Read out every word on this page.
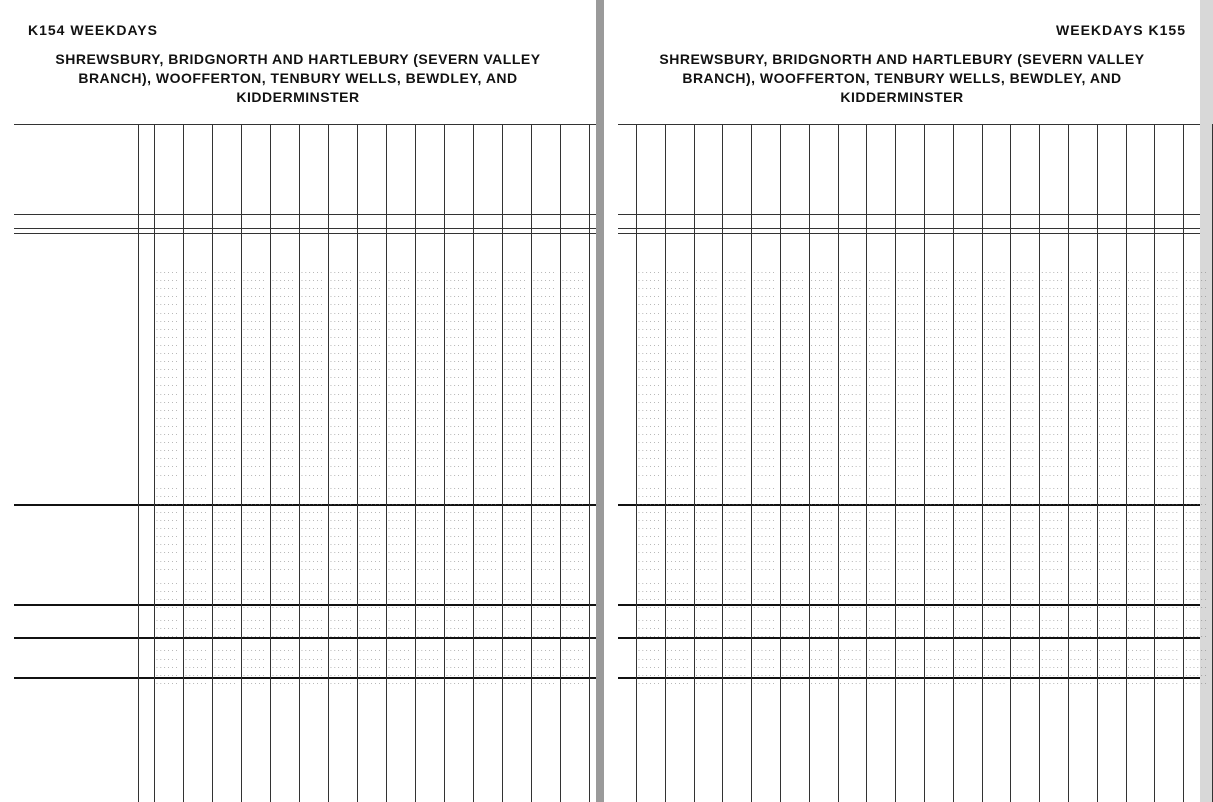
K154 WEEKDAYS
SHREWSBURY, BRIDGNORTH AND HARTLEBURY (SEVERN VALLEY
BRANCH), WOOFFERTON, TENBURY WELLS, BEWDLEY, AND
KIDDERMINSTER
. . . . . .
. . . . . .
. . . . . .
. . . . . .
. . . . . .
. . . . . .
. . . . . .
. . . . . .
. . . . . .
. . . . . .
. . . . . .
. . . . . .
. . . . . .
. . . . . .
. . . . . .
. . . . . .
. . . . . .
. . . . . .
. . . . . .
. . . . . .
. . . . . .
. . . . . .
. . . . . .
. . . . . .
. . . . . .
. . . . . .
. . . . . .
. . . . . .
. . . . . .
. . . . . .
. . . . . .
. . . . . .
. . . . . .
. . . . . .
. . . . . .
. . . . . .
. . . . . .
. . . . . .
. . . . . .
. . . . . .
. . . . . .
. . . . . .
. . . . . .
. . . . . .
. . . . . .
. . . . . .
. . . . . .
. . . . . .
. . . . . .
. . . . . .
. . . . . .
. . . . . .
. . . . . .
. . . . . .
. . . . . .
. . . . . .
. . . . . .
. . . . . .
. . . . . .
. . . . . .
. . . . . .
. . . . . .
. . . . . .
. . . . . .
. . . . . .
. . . . . .
. . . . . .
. . . . . .
. . . . . .
. . . . . .
. . . . . .
. . . . . .
. . . . . .
. . . . . .
. . . . . .
. . . . . .
. . . . . .
. . . . . .
. . . . . .
. . . . . .
. . . . . .
. . . . . .
. . . . . .
. . . . . .
. . . . . .
. . . . . .
. . . . . .
. . . . . .
. . . . . .
. . . . . .
. . . . . .
. . . . . .
. . . . . .
. . . . . .
. . . . . .
. . . . . .
. . . . . .
. . . . . .
. . . . . .
. . . . . .
. . . . . .
. . . . . .
. . . . . .
. . . . . .
. . . . . .
. . . . . .
. . . . . .
. . . . . .
. . . . . .
. . . . . .
. . . . . .
. . . . . .
. . . . . .
. . . . . .
. . . . . .
. . . . . .
. . . . . .
. . . . . .
. . . . . .
. . . . . .
. . . . . .
. . . . . .
. . . . . .
. . . . . .
. . . . . .
. . . . . .
. . . . . .
. . . . . .
. . . . . .
. . . . . .
. . . . . .
. . . . . .
. . . . . .
. . . . . .
. . . . . .
. . . . . .
. . . . . .
. . . . . .
. . . . . .
. . . . . .
. . . . . .
. . . . . .
. . . . . .
. . . . . .
. . . . . .
. . . . . .
. . . . . .
. . . . . .
. . . . . .
. . . . . .
. . . . . .
. . . . . .
. . . . . .
. . . . . .
. . . . . .
. . . . . .
. . . . . .
. . . . . .
. . . . . .
. . . . . .
. . . . . .
. . . . . .
. . . . . .
. . . . . .
. . . . . .
. . . . . .
. . . . . .
. . . . . .
. . . . . .
. . . . . .
. . . . . .
. . . . . .
. . . . . .
. . . . . .
. . . . . .
. . . . . .
. . . . . .
. . . . . .
. . . . . .
. . . . . .
. . . . . .
. . . . . .
. . . . . .
. . . . . .
. . . . . .
. . . . . .
. . . . . .
. . . . . .
. . . . . .
. . . . . .
. . . . . .
. . . . . .
. . . . . .
. . . . . .
. . . . . .
. . . . . .
. . . . . .
. . . . . .
. . . . . .
. . . . . .
. . . . . .
. . . . . .
. . . . . .
. . . . . .
. . . . . .
. . . . . .
. . . . . .
. . . . . .
. . . . . .
. . . . . .
. . . . . .
. . . . . .
. . . . . .
. . . . . .
. . . . . .
. . . . . .
. . . . . .
. . . . . .
. . . . . .
. . . . . .
. . . . . .
. . . . . .
. . . . . .
. . . . . .
. . . . . .
. . . . . .
. . . . . .
. . . . . .
. . . . . .
. . . . . .
. . . . . .
. . . . . .
. . . . . .
. . . . . .
. . . . . .
. . . . . .
. . . . . .
. . . . . .
. . . . . .
. . . . . .
. . . . . .
. . . . . .
. . . . . .
. . . . . .
. . . . . .
. . . . . .
. . . . . .
. . . . . .
. . . . . .
. . . . . .
. . . . . .
. . . . . .
. . . . . .
. . . . . .
. . . . . .
. . . . . .
. . . . . .
. . . . . .
. . . . . .
. . . . . .
. . . . . .
. . . . . .
. . . . . .
. . . . . .
. . . . . .
. . . . . .
. . . . . .
. . . . . .
. . . . . .
. . . . . .
. . . . . .
. . . . . .
. . . . . .
. . . . . .
. . . . . .
. . . . . .
. . . . . .
. . . . . .
. . . . . .
. . . . . .
. . . . . .
. . . . . .
. . . . . .
. . . . . .
. . . . . .
. . . . . .
. . . . . .
. . . . . .
. . . . . .
. . . . . .
. . . . . .
. . . . . .
. . . . . .
. . . . . .
. . . . . .
. . . . . .
. . . . . .
. . . . . .
. . . . . .
. . . . . .
. . . . . .
. . . . . .
. . . . . .
. . . . . .
. . . . . .
. . . . . .
. . . . . .
. . . . . .
. . . . . .
. . . . . .
. . . . . .
. . . . . .
. . . . . .
. . . . . .
. . . . . .
. . . . . .
. . . . . .
. . . . . .
. . . . . .
. . . . . .
. . . . . .
. . . . . .
. . . . . .
. . . . . .
. . . . . .
. . . . . .
. . . . . .
. . . . . .
. . . . . .
. . . . . .
. . . . . .
. . . . . .
. . . . . .
. . . . . .
. . . . . .
. . . . . .
. . . . . .
. . . . . .
. . . . . .
. . . . . .
. . . . . .
. . . . . .
. . . . . .
. . . . . .
. . . . . .
. . . . . .
. . . . . .
. . . . . .
. . . . . .
. . . . . .
. . . . . .
. . . . . .
. . . . . .
. . . . . .
. . . . . .
. . . . . .
. . . . . .
. . . . . .
. . . . . .
. . . . . .
. . . . . .
. . . . . .
. . . . . .
. . . . . .
. . . . . .
. . . . . .
. . . . . .
. . . . . .
. . . . . .
. . . . . .
. . . . . .
. . . . . .
. . . . . .
. . . . . .
. . . . . .
. . . . . .
. . . . . .
. . . . . .
. . . . . .
. . . . . .
. . . . . .
. . . . . .
. . . . . .
. . . . . .
. . . . . .
. . . . . .
. . . . . .
. . . . . .
. . . . . .
. . . . . .
. . . . . .
. . . . . .
. . . . . .
. . . . . .
. . . . . .
. . . . . .
. . . . . .
. . . . . .
. . . . . .
. . . . . .
. . . . . .
. . . . . .
. . . . . .
. . . . . .
. . . . . .
. . . . . .
. . . . . .
. . . . . .
. . . . . .
. . . . . .
. . . . . .
. . . . . .
. . . . . .
. . . . . .
. . . . . .
. . . . . .
. . . . . .
. . . . . .
. . . . . .
. . . . . .
. . . . . .
. . . . . .
. . . . . .
. . . . . .
. . . . . .
. . . . . .
. . . . . .
. . . . . .
. . . . . .
. . . . . .
. . . . . .
. . . . . .
. . . . . .
. . . . . .
. . . . . .
. . . . . .
. . . . . .
. . . . . .
. . . . . .
. . . . . .
. . . . . .
. . . . . .
. . . . . .
. . . . . .
. . . . . .
. . . . . .
. . . . . .
. . . . . .
. . . . . .
. . . . . .
. . . . . .
. . . . . .
. . . . . .
. . . . . .
. . . . . .
. . . . . .
. . . . . .
. . . . . .
. . . . . .
. . . . . .
. . . . . .
. . . . . .
. . . . . .
. . . . . .
. . . . . .
. . . . . .
. . . . . .
. . . . . .
. . . . . .
. . . . . .
. . . . . .
. . . . . .
. . . . . .
. . . . . .
. . . . . .
. . . . . .
. . . . . .
. . . . . .
. . . . . .
. . . . . .
. . . . . .
. . . . . .
. . . . . .
. . . . . .
. . . . . .
. . . . . .
. . . . . .
. . . . . .
. . . . . .
. . . . . .
. . . . . .
. . . . . .
. . . . . .
. . . . . .
. . . . . .
. . . . . .
. . . . . .
. . . . . .
. . . . . .
. . . . . .
. . . . . .
. . . . . .
. . . . . .
. . . . . .
. . . . . .
. . . . . .
. . . . . .
. . . . . .
. . . . . .
. . . . . .
. . . . . .
. . . . . .
. . . . . .
. . . . . .
. . . . . .
. . . . . .
. . . . . .
. . . . . .
. . . . . .
. . . . . .
. . . . . .
. . . . . .
. . . . . .
. . . . . .
. . . . . .
. . . . . .
. . . . . .
. . . . . .
. . . . . .
. . . . . .
. . . . . .
. . . . . .
. . . . . .
. . . . . .
. . . . . .
. . . . . .
. . . . . .
. . . . . .
. . . . . .
. . . . . .
. . . . . .
. . . . . .
. . . . . .
. . . . . .
. . . . . .
. . . . . .
. . . . . .
. . . . . .
. . . . . .
. . . . . .
. . . . . .
. . . . . .
. . . . . .
. . . . . .
. . . . . .
. . . . . .
. . . . . .
. . . . . .
. . . . . .
. . . . . .
. . . . . .
. . . . . .
. . . . . .
. . . . . .
. . . . . .
. . . . . .
. . . . . .
. . . . . .
. . . . . .
. . . . . .
. . . . . .
. . . . . .
. . . . . .
. . . . . .
. . . . . .
. . . . . .
. . . . . .
. . . . . .
. . . . . .
. . . . . .
. . . . . .
. . . . . .
. . . . . .
. . . . . .
. . . . . .
. . . . . .
. . . . . .
. . . . . .
. . . . . .
. . . . . .
. . . . . .
. . . . . .
. . . . . .
. . . . . .
. . . . . .
. . . . . .
. . . . . .
. . . . . .
. . . . . .
. . . . . .
. . . . . .
. . . . . .
. . . . . .
. . . . . .
. . . . . .
. . . . . .
. . . . . .
. . . . . .
. . . . . .
. . . . . .
. . . . . .
. . . . . .
. . . . . .
. . . . . .
. . . . . .
. . . . . .
. . . . . .
. . . . . .
. . . . . .
. . . . . .
. . . . . .
. . . . . .
. . . . . .
. . . . . .
. . . . . .
. . . . . .
. . . . . .
. . . . . .
. . . . . .
. . . . . .
. . . . . .
. . . . . .
. . . . . .
. . . . . .
. . . . . .
. . . . . .
. . . . . .
. . . . . .
. . . . . .
. . . . . .
. . . . . .
. . . . . .
. . . . . .
. . . . . .
. . . . . .
. . . . . .
. . . . . .
. . . . . .
. . . . . .
. . . . . .
. . . . . .
. . . . . .
. . . . . .
. . . . . .
. . . . . .
. . . . . .
. . . . . .
. . . . . .
. . . . . .
. . . . . .
. . . . . .
. . . . . .
. . . . . .
. . . . . .
. . . . . .
. . . . . .
. . . . . .
. . . . . .
. . . . . .
. . . . . .
. . . . . .
. . . . . .
. . . . . .
. . . . . .
. . . . . .
. . . . . .
. . . . . .
. . . . . .
. . . . . .
. . . . . .
. . . . . .
. . . . . .
. . . . . .
. . . . . .
. . . . . .
. . . . . .
. . . . . .
. . . . . .
. . . . . .
. . . . . .
. . . . . .
. . . . . .
. . . . . .
. . . . . .
. . . . . .
. . . . . .
. . . . . .
. . . . . .
. . . . . .
. . . . . .
. . . . . .
. . . . . .
. . . . . .
. . . . . .
. . . . . .
. . . . . .
. . . . . .
. . . . . .
. . . . . .
. . . . . .
. . . . . .
. . . . . .
. . . . . .
. . . . . .
. . . . . .
. . . . . .
. . . . . .
. . . . . .
. . . . . .
. . . . . .
. . . . . .
. . . . . .
. . . . . .
. . . . . .
. . . . . .
. . . . . .
. . . . . .
. . . . . .
. . . . . .
. . . . . .
. . . . . .
. . . . . .
. . . . . .
. . . . . .
. . . . . .
WEEKDAYS K155
SHREWSBURY, BRIDGNORTH AND HARTLEBURY (SEVERN VALLEY
BRANCH), WOOFFERTON, TENBURY WELLS, BEWDLEY, AND
KIDDERMINSTER
. . . . . .
. . . . . .
. . . . . .
. . . . . .
. . . . . .
. . . . . .
. . . . . .
. . . . . .
. . . . . .
. . . . . .
. . . . . .
. . . . . .
. . . . . .
. . . . . .
. . . . . .
. . . . . .
. . . . . .
. . . . . .
. . . . . .
. . . . . .
. . . . . .
. . . . . .
. . . . . .
. . . . . .
. . . . . .
. . . . . .
. . . . . .
. . . . . .
. . . . . .
. . . . . .
. . . . . .
. . . . . .
. . . . . .
. . . . . .
. . . . . .
. . . . . .
. . . . . .
. . . . . .
. . . . . .
. . . . . .
. . . . . .
. . . . . .
. . . . . .
. . . . . .
. . . . . .
. . . . . .
. . . . . .
. . . . . .
. . . . . .
. . . . . .
. . . . . .
. . . . . .
. . . . . .
. . . . . .
. . . . . .
. . . . . .
. . . . . .
. . . . . .
. . . . . .
. . . . . .
. . . . . .
. . . . . .
. . . . . .
. . . . . .
. . . . . .
. . . . . .
. . . . . .
. . . . . .
. . . . . .
. . . . . .
. . . . . .
. . . . . .
. . . . . .
. . . . . .
. . . . . .
. . . . . .
. . . . . .
. . . . . .
. . . . . .
. . . . . .
. . . . . .
. . . . . .
. . . . . .
. . . . . .
. . . . . .
. . . . . .
. . . . . .
. . . . . .
. . . . . .
. . . . . .
. . . . . .
. . . . . .
. . . . . .
. . . . . .
. . . . . .
. . . . . .
. . . . . .
. . . . . .
. . . . . .
. . . . . .
. . . . . .
. . . . . .
. . . . . .
. . . . . .
. . . . . .
. . . . . .
. . . . . .
. . . . . .
. . . . . .
. . . . . .
. . . . . .
. . . . . .
. . . . . .
. . . . . .
. . . . . .
. . . . . .
. . . . . .
. . . . . .
. . . . . .
. . . . . .
. . . . . .
. . . . . .
. . . . . .
. . . . . .
. . . . . .
. . . . . .
. . . . . .
. . . . . .
. . . . . .
. . . . . .
. . . . . .
. . . . . .
. . . . . .
. . . . . .
. . . . . .
. . . . . .
. . . . . .
. . . . . .
. . . . . .
. . . . . .
. . . . . .
. . . . . .
. . . . . .
. . . . . .
. . . . . .
. . . . . .
. . . . . .
. . . . . .
. . . . . .
. . . . . .
. . . . . .
. . . . . .
. . . . . .
. . . . . .
. . . . . .
. . . . . .
. . . . . .
. . . . . .
. . . . . .
. . . . . .
. . . . . .
. . . . . .
. . . . . .
. . . . . .
. . . . . .
. . . . . .
. . . . . .
. . . . . .
. . . . . .
. . . . . .
. . . . . .
. . . . . .
. . . . . .
. . . . . .
. . . . . .
. . . . . .
. . . . . .
. . . . . .
. . . . . .
. . . . . .
. . . . . .
. . . . . .
. . . . . .
. . . . . .
. . . . . .
. . . . . .
. . . . . .
. . . . . .
. . . . . .
. . . . . .
. . . . . .
. . . . . .
. . . . . .
. . . . . .
. . . . . .
. . . . . .
. . . . . .
. . . . . .
. . . . . .
. . . . . .
. . . . . .
. . . . . .
. . . . . .
. . . . . .
. . . . . .
. . . . . .
. . . . . .
. . . . . .
. . . . . .
. . . . . .
. . . . . .
. . . . . .
. . . . . .
. . . . . .
. . . . . .
. . . . . .
. . . . . .
. . . . . .
. . . . . .
. . . . . .
. . . . . .
. . . . . .
. . . . . .
. . . . . .
. . . . . .
. . . . . .
. . . . . .
. . . . . .
. . . . . .
. . . . . .
. . . . . .
. . . . . .
. . . . . .
. . . . . .
. . . . . .
. . . . . .
. . . . . .
. . . . . .
. . . . . .
. . . . . .
. . . . . .
. . . . . .
. . . . . .
. . . . . .
. . . . . .
. . . . . .
. . . . . .
. . . . . .
. . . . . .
. . . . . .
. . . . . .
. . . . . .
. . . . . .
. . . . . .
. . . . . .
. . . . . .
. . . . . .
. . . . . .
. . . . . .
. . . . . .
. . . . . .
. . . . . .
. . . . . .
. . . . . .
. . . . . .
. . . . . .
. . . . . .
. . . . . .
. . . . . .
. . . . . .
. . . . . .
. . . . . .
. . . . . .
. . . . . .
. . . . . .
. . . . . .
. . . . . .
. . . . . .
. . . . . .
. . . . . .
. . . . . .
. . . . . .
. . . . . .
. . . . . .
. . . . . .
. . . . . .
. . . . . .
. . . . . .
. . . . . .
. . . . . .
. . . . . .
. . . . . .
. . . . . .
. . . . . .
. . . . . .
. . . . . .
. . . . . .
. . . . . .
. . . . . .
. . . . . .
. . . . . .
. . . . . .
. . . . . .
. . . . . .
. . . . . .
. . . . . .
. . . . . .
. . . . . .
. . . . . .
. . . . . .
. . . . . .
. . . . . .
. . . . . .
. . . . . .
. . . . . .
. . . . . .
. . . . . .
. . . . . .
. . . . . .
. . . . . .
. . . . . .
. . . . . .
. . . . . .
. . . . . .
. . . . . .
. . . . . .
. . . . . .
. . . . . .
. . . . . .
. . . . . .
. . . . . .
. . . . . .
. . . . . .
. . . . . .
. . . . . .
. . . . . .
. . . . . .
. . . . . .
. . . . . .
. . . . . .
. . . . . .
. . . . . .
. . . . . .
. . . . . .
. . . . . .
. . . . . .
. . . . . .
. . . . . .
. . . . . .
. . . . . .
. . . . . .
. . . . . .
. . . . . .
. . . . . .
. . . . . .
. . . . . .
. . . . . .
. . . . . .
. . . . . .
. . . . . .
. . . . . .
. . . . . .
. . . . . .
. . . . . .
. . . . . .
. . . . . .
. . . . . .
. . . . . .
. . . . . .
. . . . . .
. . . . . .
. . . . . .
. . . . . .
. . . . . .
. . . . . .
. . . . . .
. . . . . .
. . . . . .
. . . . . .
. . . . . .
. . . . . .
. . . . . .
. . . . . .
. . . . . .
. . . . . .
. . . . . .
. . . . . .
. . . . . .
. . . . . .
. . . . . .
. . . . . .
. . . . . .
. . . . . .
. . . . . .
. . . . . .
. . . . . .
. . . . . .
. . . . . .
. . . . . .
. . . . . .
. . . . . .
. . . . . .
. . . . . .
. . . . . .
. . . . . .
. . . . . .
. . . . . .
. . . . . .
. . . . . .
. . . . . .
. . . . . .
. . . . . .
. . . . . .
. . . . . .
. . . . . .
. . . . . .
. . . . . .
. . . . . .
. . . . . .
. . . . . .
. . . . . .
. . . . . .
. . . . . .
. . . . . .
. . . . . .
. . . . . .
. . . . . .
. . . . . .
. . . . . .
. . . . . .
. . . . . .
. . . . . .
. . . . . .
. . . . . .
. . . . . .
. . . . . .
. . . . . .
. . . . . .
. . . . . .
. . . . . .
. . . . . .
. . . . . .
. . . . . .
. . . . . .
. . . . . .
. . . . . .
. . . . . .
. . . . . .
. . . . . .
. . . . . .
. . . . . .
. . . . . .
. . . . . .
. . . . . .
. . . . . .
. . . . . .
. . . . . .
. . . . . .
. . . . . .
. . . . . .
. . . . . .
. . . . . .
. . . . . .
. . . . . .
. . . . . .
. . . . . .
. . . . . .
. . . . . .
. . . . . .
. . . . . .
. . . . . .
. . . . . .
. . . . . .
. . . . . .
. . . . . .
. . . . . .
. . . . . .
. . . . . .
. . . . . .
. . . . . .
. . . . . .
. . . . . .
. . . . . .
. . . . . .
. . . . . .
. . . . . .
. . . . . .
. . . . . .
. . . . . .
. . . . . .
. . . . . .
. . . . . .
. . . . . .
. . . . . .
. . . . . .
. . . . . .
. . . . . .
. . . . . .
. . . . . .
. . . . . .
. . . . . .
. . . . . .
. . . . . .
. . . . . .
. . . . . .
. . . . . .
. . . . . .
. . . . . .
. . . . . .
. . . . . .
. . . . . .
. . . . . .
. . . . . .
. . . . . .
. . . . . .
. . . . . .
. . . . . .
. . . . . .
. . . . . .
. . . . . .
. . . . . .
. . . . . .
. . . . . .
. . . . . .
. . . . . .
. . . . . .
. . . . . .
. . . . . .
. . . . . .
. . . . . .
. . . . . .
. . . . . .
. . . . . .
. . . . . .
. . . . . .
. . . . . .
. . . . . .
. . . . . .
. . . . . .
. . . . . .
. . . . . .
. . . . . .
. . . . . .
. . . . . .
. . . . . .
. . . . . .
. . . . . .
. . . . . .
. . . . . .
. . . . . .
. . . . . .
. . . . . .
. . . . . .
. . . . . .
. . . . . .
. . . . . .
. . . . . .
. . . . . .
. . . . . .
. . . . . .
. . . . . .
. . . . . .
. . . . . .
. . . . . .
. . . . . .
. . . . . .
. . . . . .
. . . . . .
. . . . . .
. . . . . .
. . . . . .
. . . . . .
. . . . . .
. . . . . .
. . . . . .
. . . . . .
. . . . . .
. . . . . .
. . . . . .
. . . . . .
. . . . . .
. . . . . .
. . . . . .
. . . . . .
. . . . . .
. . . . . .
. . . . . .
. . . . . .
. . . . . .
. . . . . .
. . . . . .
. . . . . .
. . . . . .
. . . . . .
. . . . . .
. . . . . .
. . . . . .
. . . . . .
. . . . . .
. . . . . .
. . . . . .
. . . . . .
. . . . . .
. . . . . .
. . . . . .
. . . . . .
. . . . . .
. . . . . .
. . . . . .
. . . . . .
. . . . . .
. . . . . .
. . . . . .
. . . . . .
. . . . . .
. . . . . .
. . . . . .
. . . . . .
. . . . . .
. . . . . .
. . . . . .
. . . . . .
. . . . . .
. . . . . .
. . . . . .
. . . . . .
. . . . . .
. . . . . .
. . . . . .
. . . . . .
. . . . . .
. . . . . .
. . . . . .
. . . . . .
. . . . . .
. . . . . .
. . . . . .
. . . . . .
. . . . . .
. . . . . .
. . . . . .
. . . . . .
. . . . . .
. . . . . .
. . . . . .
. . . . . .
. . . . . .
. . . . . .
. . . . . .
. . . . . .
. . . . . .
. . . . . .
. . . . . .
. . . . . .
. . . . . .
. . . . . .
. . . . . .
. . . . . .
. . . . . .
. . . . . .
. . . . . .
. . . . . .
. . . . . .
. . . . . .
. . . . . .
. . . . . .
. . . . . .
. . . . . .
. . . . . .
. . . . . .
. . . . . .
. . . . . .
. . . . . .
. . . . . .
. . . . . .
. . . . . .
. . . . . .
. . . . . .
. . . . . .
. . . . . .
. . . . . .
. . . . . .
. . . . . .
. . . . . .
. . . . . .
. . . . . .
. . . . . .
. . . . . .
. . . . . .
. . . . . .
. . . . . .
. . . . . .
. . . . . .
. . . . . .
. . . . . .
. . . . . .
. . . . . .
. . . . . .
. . . . . .
. . . . . .
. . . . . .
. . . . . .
. . . . . .
. . . . . .
. . . . . .
. . . . . .
. . . . . .
. . . . . .
. . . . . .
. . . . . .
. . . . . .
. . . . . .
. . . . . .
. . . . . .
. . . . . .
. . . . . .
. . . . . .
. . . . . .
. . . . . .
. . . . . .
. . . . . .
. . . . . .
. . . . . .
. . . . . .
. . . . . .
. . . . . .
. . . . . .
. . . . . .
. . . . . .
. . . . . .
. . . . . .
. . . . . .
. . . . . .
. . . . . .
. . . . . .
. . . . . .
. . . . . .
. . . . . .
. . . . . .
. . . . . .
. . . . . .
. . . . . .
. . . . . .
. . . . . .
. . . . . .
. . . . . .
. . . . . .
. . . . . .
. . . . . .
. . . . . .
. . . . . .
. . . . . .
. . . . . .
. . . . . .
. . . . . .
. . . . . .
. . . . . .
. . . . . .
. . . . . .
. . . . . .
. . . . . .
. . . . . .
. . . . . .
. . . . . .
. . . . . .
. . . . . .
. . . . . .
. . . . . .
. . . . . .
. . . . . .
. . . . . .
. . . . . .
. . . . . .
. . . . . .
. . . . . .
. . . . . .
. . . . . .
. . . . . .
. . . . . .
. . . . . .
. . . . . .
. . . . . .
. . . . . .
. . . . . .
. . . . . .
. . . . . .
. . . . . .
. . . . . .
. . . . . .
. . . . . .
. . . . . .
. . . . . .
. . . . . .
. . . . . .
. . . . . .
. . . . . .
. . . . . .
. . . . . .
. . . . . .
. . . . . .
. . . . . .
. . . . . .
. . . . . .
. . . . . .
. . . . . .
. . . . . .
. . . . . .
. . . . . .
. . . . . .
. . . . . .
. . . . . .
. . . . . .
. . . . . .
. . . . . .
. . . . . .
. . . . . .
. . . . . .
. . . . . .
. . . . . .
. . . . . .
. . . . . .
. . . . . .
. . . . . .
. . . . . .
. . . . . .
. . . . . .
. . . . . .
. . . . . .
. . . . . .
. . . . . .
. . . . . .
. . . . . .
. . . . . .
. . . . . .
. . . . . .
. . . . . .
. . . . . .
. . . . . .
. . . . . .
. . . . . .
. . . . . .
. . . . . .
. . . . . .
. . . . . .
. . . . . .
. . . . . .
. . . . . .
. . . . . .
. . . . . .
. . . . . .
. . . . . .
. . . . . .
. . . . . .
. . . . . .
. . . . . .
. . . . . .
. . . . . .
. . . . . .
. . . . . .
. . . . . .
. . . . . .
. . . . . .
. . . . . .
. . . . . .
. . . . . .
. . . . . .
. . . . . .
. . . . . .
. . . . . .
. . . . . .
. . . . . .
. . . . . .
. . . . . .
. . . . . .
. . . . . .
. . . . . .
. . . . . .
. . . . . .
. . . . . .
. . . . . .
. . . . . .
. . . . . .
. . . . . .
. . . . . .
. . . . . .
. . . . . .
. . . . . .
. . . . . .
. . . . . .
. . . . . .
. . . . . .
. . . . . .
. . . . . .
. . . . . .
. . . . . .
. . . . . .
. . . . . .
. . . . . .
. . . . . .
. . . . . .
. . . . . .
. . . . . .
. . . . . .
. . . . . .
. . . . . .
. . . . . .
. . . . . .
. . . . . .
. . . . . .
. . . . . .
. . . . . .
. . . . . .
. . . . . .
. . . . . .
. . . . . .
. . . . . .
. . . . . .
. . . . . .
. . . . . .
. . . . . .
. . . . . .
. . . . . .
. . . . . .
. . . . . .
. . . . . .
. . . . . .
. . . . . .
. . . . . .
. . . . . .
. . . . . .
. . . . . .
. . . . . .
. . . . . .
. . . . . .
. . . . . .
. . . . . .
. . . . . .
. . . . . .
. . . . . .
. . . . . .
. . . . . .
. . . . . .
. . . . . .
. . . . . .
. . . . . .
. . . . . .
. . . . . .
. . . . . .
. . . . . .
. . . . . .
. . . . . .
. . . . . .
. . . . . .
. . . . . .
. . . . . .
. . . . . .
. . . . . .
. . . . . .
. . . . . .
. . . . . .
. . . . . .
. . . . . .
. . . . . .
. . . . . .
. . . . . .
. . . . . .
. . . . . .
. . . . . .
. . . . . .
. . . . . .
. . . . . .
. . . . . .
. . . . . .
. . . . . .
. . . . . .
. . . . . .
. . . . . .
. . . . . .
. . . . . .
. . . . . .
